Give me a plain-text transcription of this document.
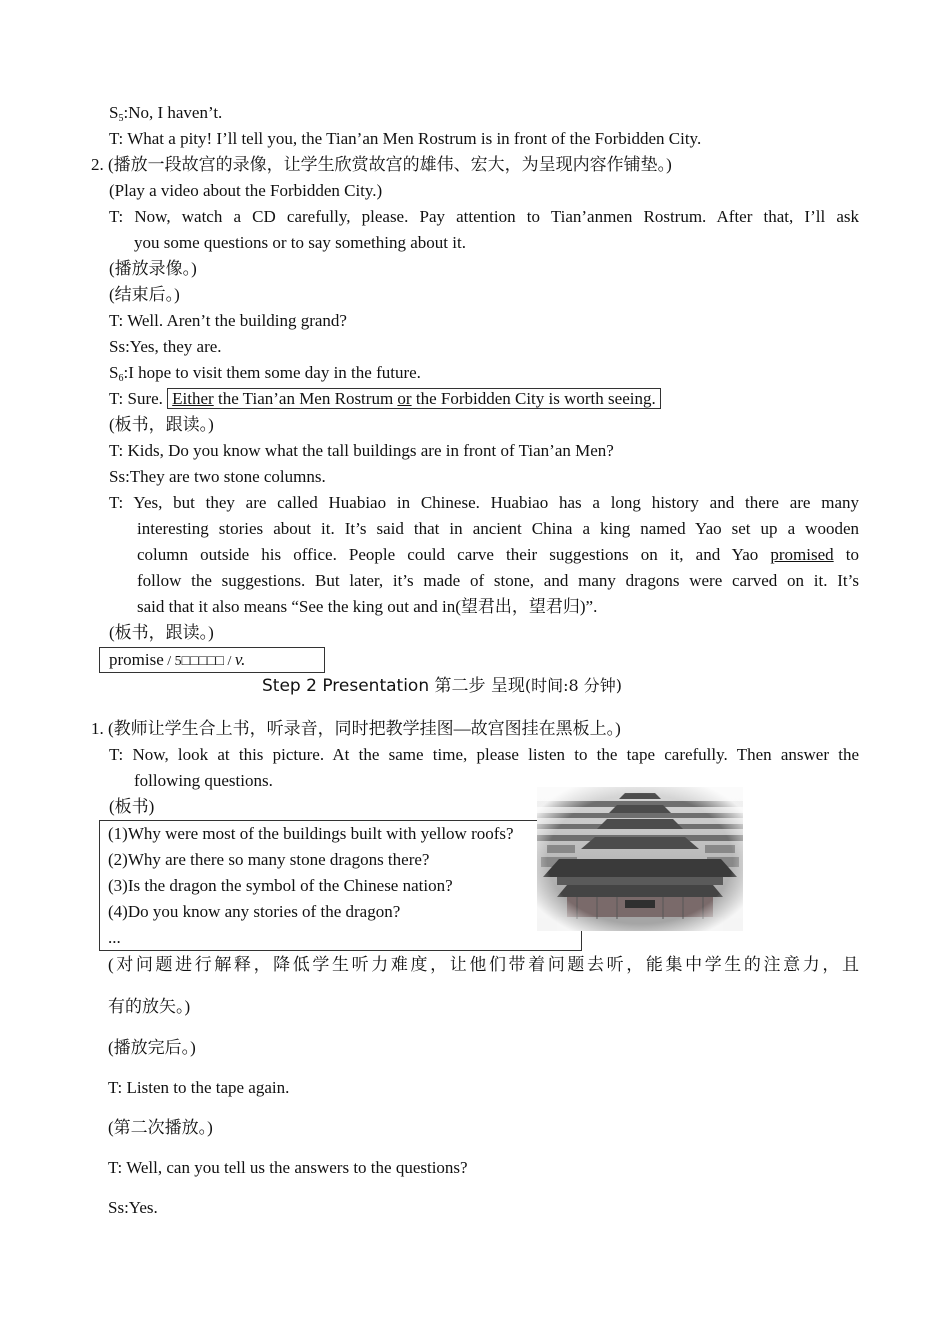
$S_5:No$, I haven’t.
T: What a pity! I’ll tell you, the Tian’an Men Rostrum is in front of the Forbidden City.
2. (播放一段故宫的录像，让学生欣赏故宫的雄伟、宏大，为呈现内容作铺垫。)
(Play a video about the Forbidden City.)
T: Now, watch a CD carefully, please. Pay attention to Tian’anmen Rostrum. After that, I’ll ask
you some questions or to say something about it.
(播放录像。)
(结束后。)
T: Well. Aren’t the building grand?
Ss:Yes, they are.
$S_6:I$ hope to visit them some day in the future.
T: Sure. Either the Tian’an Men Rostrum or the Forbidden City is worth seeing.
(板书，跟读。)
T: Kids, Do you know what the tall buildings are in front of Tian’an Men?
Ss:They are two stone columns.
T: Yes, but they are called Huabiao in Chinese. Huabiao has a long history and there are many
interesting stories about it. It’s said that in ancient China a king named Yao set up a wooden
column outside his office. People could carve their suggestions on it, and Yao promised to
follow the suggestions. But later, it’s made of stone, and many dragons were carved on it. It’s
said that it also means “See the king out and in(望君出，望君归)”.
(板书，跟读。)
promise / 5□□□□□ / v.
Step 2 Presentation 第二步 呈现(时间:8 分钟)
1. (教师让学生合上书，听录音，同时把教学挂图—故宫图挂在黑板上。)
T: Now, look at this picture. At the same time, please listen to the tape carefully. Then answer the
following questions.
(板书)
(1)Why were most of the buildings built with yellow roofs?
(2)Why are there so many stone dragons there?
(3)Is the dragon the symbol of the Chinese nation?
(4)Do you know any stories of the dragon?
...
(对问题进行解释，降低学生听力难度，让他们带着问题去听，能集中学生的注意力，且
有的放矢。)
(播放完后。)
T: Listen to the tape again.
(第二次播放。)
T: Well, can you tell us the answers to the questions?
Ss:Yes.
